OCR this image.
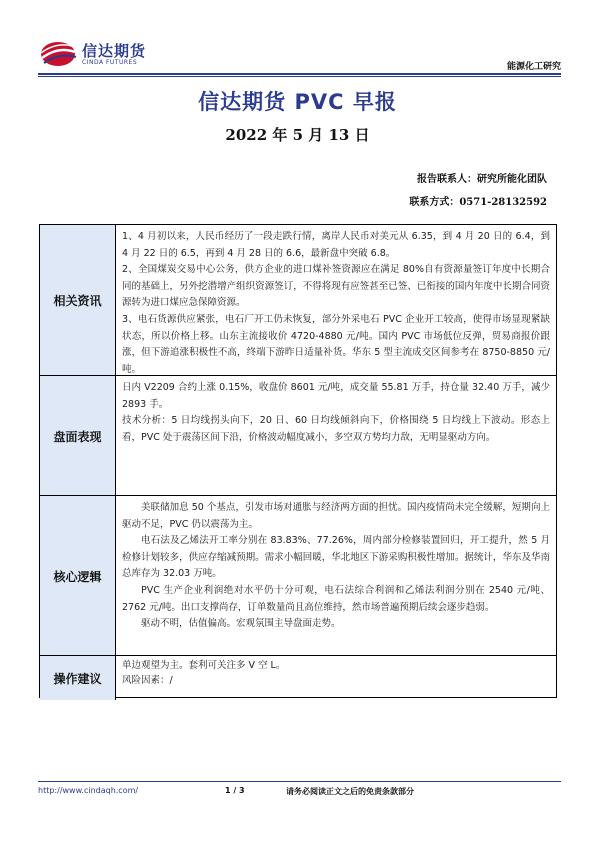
信达期货
CINDA FUTURES	能源化工研究
信达期货 PVC 早报
2022 年 5 月 13 日
报告联系人：研究所能化团队
联系方式：0571-28132592
相关资讯

1、4 月初以来，人民币经历了一段走跌行情，离岸人民币对美元从 6.35，到 4 月 20 日的 6.4，到 4 月 22 日的 6.5，再到 4 月 28 日的 6.6，最新盘中突破 6.8。

2、全国煤炭交易中心公务，供方企业的进口煤补签资源应在满足 80%自有资源量签订年度中长期合同的基础上，另外挖潜增产组织资源签订，不得将现有应签甚至已签、已衔接的国内年度中长期合同资源转为进口煤应急保障资源。

3、电石货源供应紧张，电石厂开工仍未恢复，部分外采电石 PVC 企业开工较高，使得市场显现紧缺状态，所以价格上移。山东主流接收价 4720-4880 元/吨。国内 PVC 市场低位反弹，贸易商报价跟涨，但下游追涨积极性不高，终端下游昨日适量补货。华东 5 型主流成交区间参考在 8750-8850 元/吨。

盘面表现

日内 V2209 合约上涨 0.15%，收盘价 8601 元/吨，成交量 55.81 万手，持仓量 32.40 万手，减少 2893 手。

技术分析：5 日均线拐头向下，20 日、60 日均线倾斜向下，价格围绕 5 日均线上下波动。形态上看，PVC 处于震荡区间下沿，价格波动幅度减小，多空双方势均力敌，无明显驱动方向。

核心逻辑

美联储加息 50 个基点，引发市场对通胀与经济两方面的担忧。国内疫情尚未完全缓解，短期向上驱动不足，PVC 仍以震荡为主。

电石法及乙烯法开工率分别在 83.83%、77.26%，周内部分检修装置回归，开工提升，然 5 月检修计划较多，供应存缩减预期。需求小幅回暖，华北地区下游采购积极性增加。据统计，华东及华南总库存为 32.03 万吨。

PVC 生产企业利润绝对水平仍十分可观，电石法综合利润和乙烯法利润分别在 2540 元/吨、2762 元/吨。出口支撑尚存，订单数量尚且高位维持，然市场普遍预期后续会逐步趋弱。

驱动不明，估值偏高。宏观氛围主导盘面走势。

操作建议

单边观望为主。套利可关注多 V 空 L。

风险因素：/

http://www.cindaqh.com/	1 / 3	请务必阅读正文之后的免责条款部分
